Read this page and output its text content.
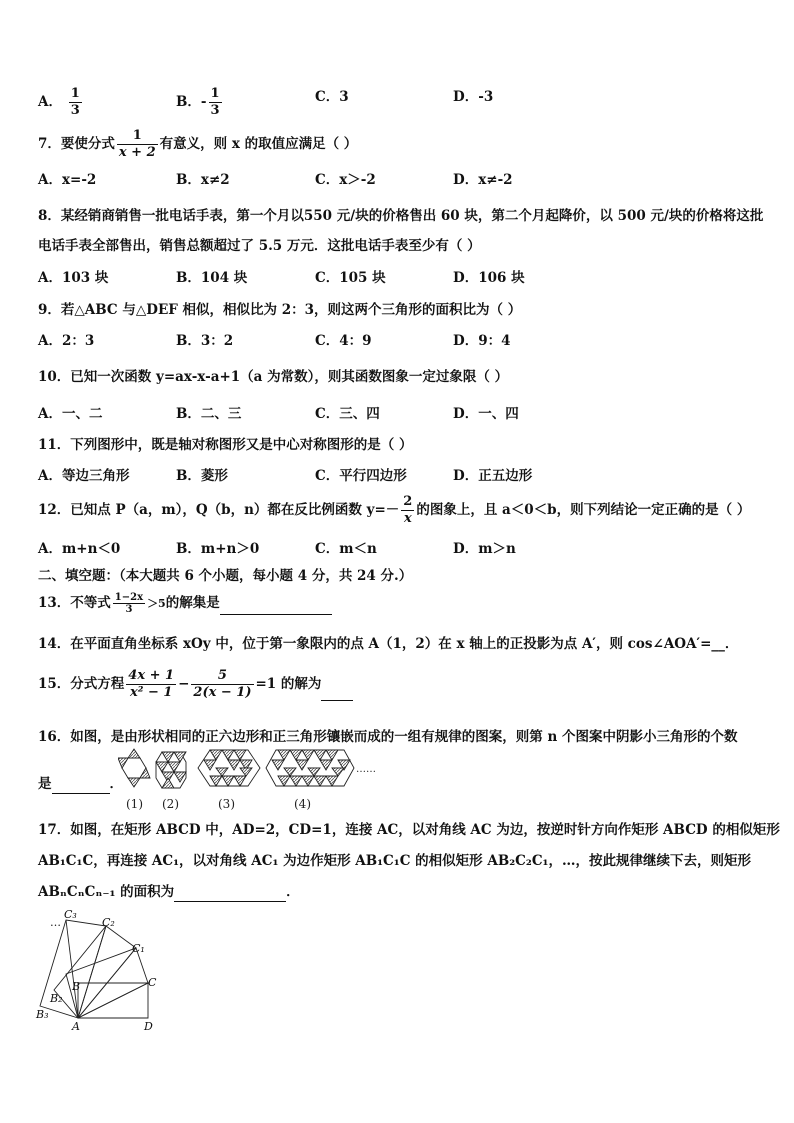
A． $\frac{1}{3}$	B．- $\frac{1}{3}$	C．3	D．-3
7．要使分式 $\frac{1}{x + 2}$ 有意义，则 x 的取值应满足（ ）
A．x=-2	B．x≠2	C．x＞-2	D．x≠-2
8．某经销商销售一批电话手表，第一个月以550 元/块的价格售出 60 块，第二个月起降价，以 500 元/块的价格将这批
电话手表全部售出，销售总额超过了 5.5 万元．这批电话手表至少有（ ）
A．103 块	B．104 块	C．105 块	D．106 块
9．若△ABC 与△DEF 相似，相似比为 2：3，则这两个三角形的面积比为（ ）
A．2：3	B．3：2	C．4：9	D．9：4
10．已知一次函数 y=ax-x-a+1（a 为常数），则其函数图象一定过象限（ ）
A．一、二	B．二、三	C．三、四	D．一、四
11．下列图形中，既是轴对称图形又是中心对称图形的是（ ）
A．等边三角形	B．菱形	C．平行四边形	D．正五边形
12．已知点 P（a，m），Q（b，n）都在反比例函数 $y=- \frac{2}{x}$ 的图象上，且 a＜0＜b，则下列结论一定正确的是（ ）
A．m+n＜0	B．m+n＞0	C．m＜n	D．m＞n
二、填空题：（本大题共 6 个小题，每小题 4 分，共 24 分.）
13．不等式 $\frac{1-2x}{3} >5$的解集是
14．在平面直角坐标系 xOy 中，位于第一象限内的点 A（1，2）在 x 轴上的正投影为点 A′，则 cos∠AOA′=__．
15．分式方程 $\frac{4x + 1}{\text{x² − 1}} - \frac{5}{2(x - 1)} =1$ 的解为
16．如图，是由形状相同的正六边形和正三角形镶嵌而成的一组有规律的图案，则第 n 个图案中阴影小三角形的个数
是	．
……
(1) (2)	(3)	(4)
17．如图，在矩形 ABCD 中，AD=2，CD=1，连接 AC，以对角线 AC 为边，按逆时针方向作矩形 ABCD 的相似矩形
AB₁C₁C，再连接 AC₁，以对角线 AC₁ 为边作矩形 AB₁C₁C 的相似矩形 AB₂C₂C₁，…，按此规律继续下去，则矩形
ABₙCₙCₙ₋₁ 的面积为	．
C₃
…	C₂
C₁
C
B
B₂
B₃
A	D
